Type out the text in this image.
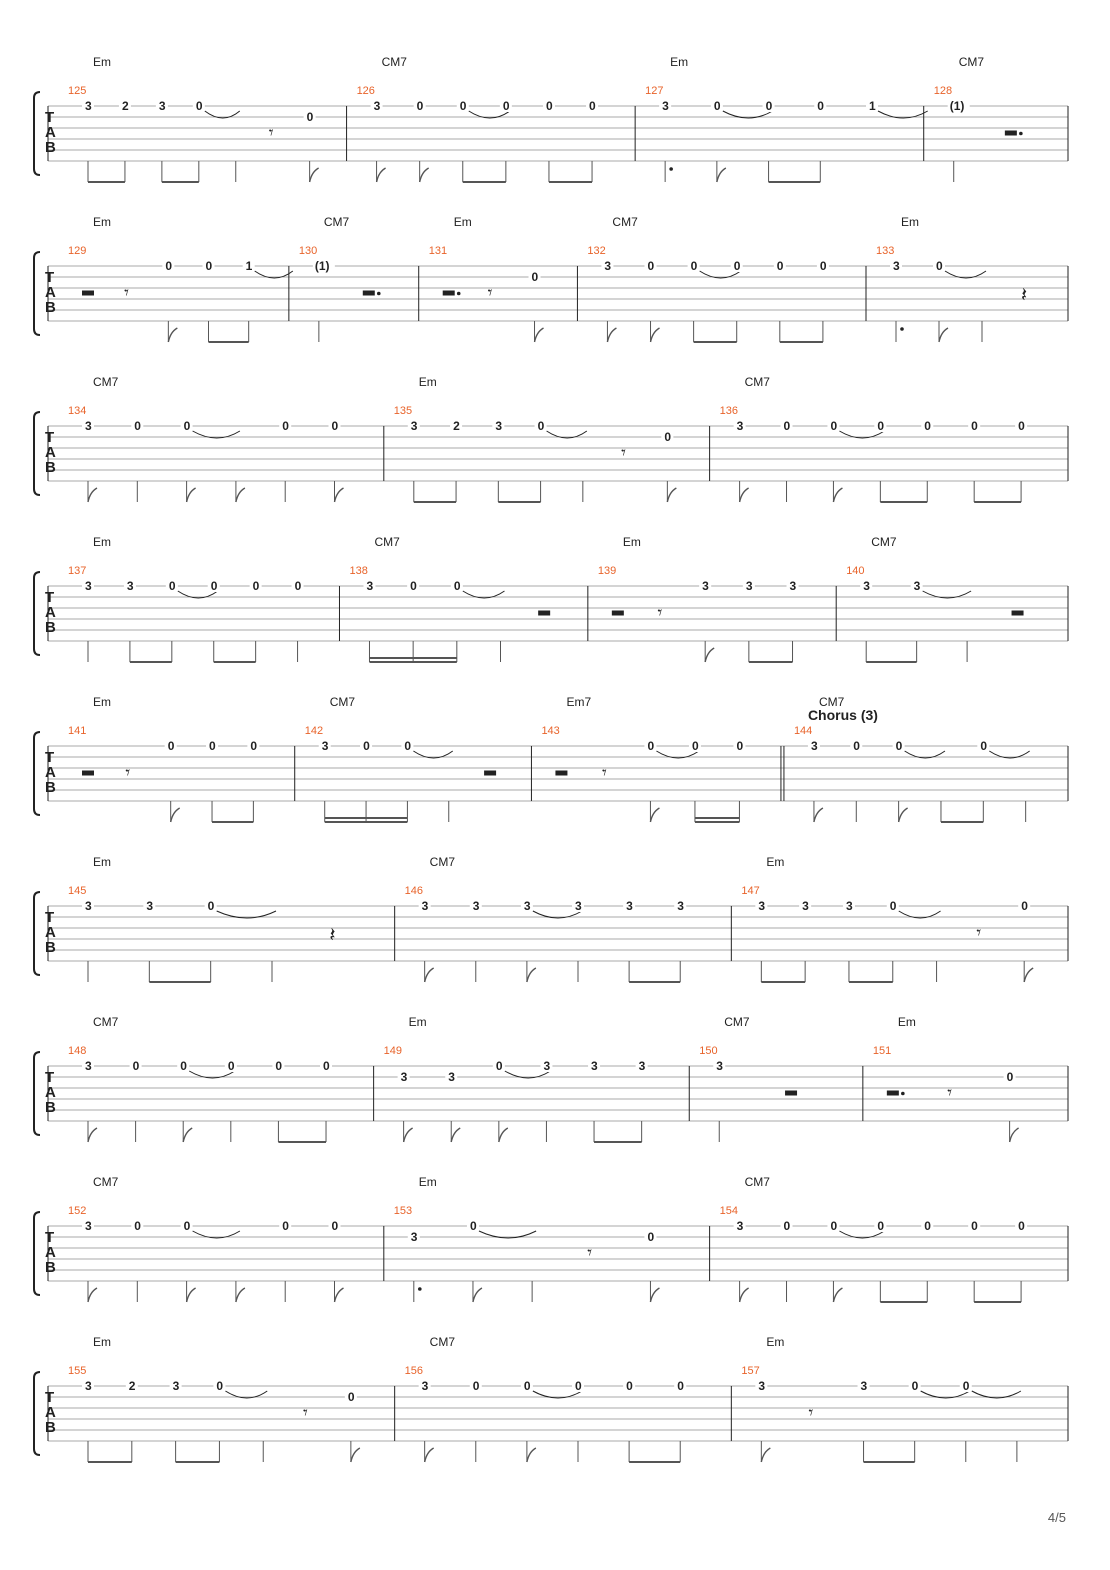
T
A
B
125
Em
3	2	3	0
𝄾
0
126
CM7
3	0	0	0	0	0
127
Em
3	0	0	0	1
128
CM7
(1)
T
A
B
129
Em
𝄾
0	0	1
130
CM7
(1)
131
Em
𝄾
0
132
CM7
3	0	0	0	0	0
133
Em
3	0
𝄽
T
A
B
134
CM7
3	0	0	0	0
135
Em
3	2	3	0
𝄾
0
136
CM7
3	0	0	0	0	0	0
T
A
B
137
Em
3	3	0	0	0	0
138
CM7
3	0	0
139
Em
𝄾
3	3	3
140
CM7
3	3
T
A
B
141
Em
𝄾
0	0	0
142
CM7
3	0	0
143
Em7
𝄾
0	0	0
144
CM7
Chorus (3)
3	0	0	0
T
A
B
145
Em
3	3	0
𝄽
146
CM7
3	3	3	3	3	3
147
Em
3	3	3	0
𝄾
0
T
A
B
148
CM7
3	0	0	0	0	0
149
Em
3	3
0	3	3	3
150
CM7
3
151
Em
𝄾
0
T
A
B
152
CM7
3	0	0	0	0
153
Em
3
0
𝄾
0
154
CM7
3	0	0	0	0	0	0
T
A
B
155
Em
3	2	3	0
𝄾
0
156
CM7
3	0	0	0	0	0
157
Em
3
𝄾
3	0	0
4/5
